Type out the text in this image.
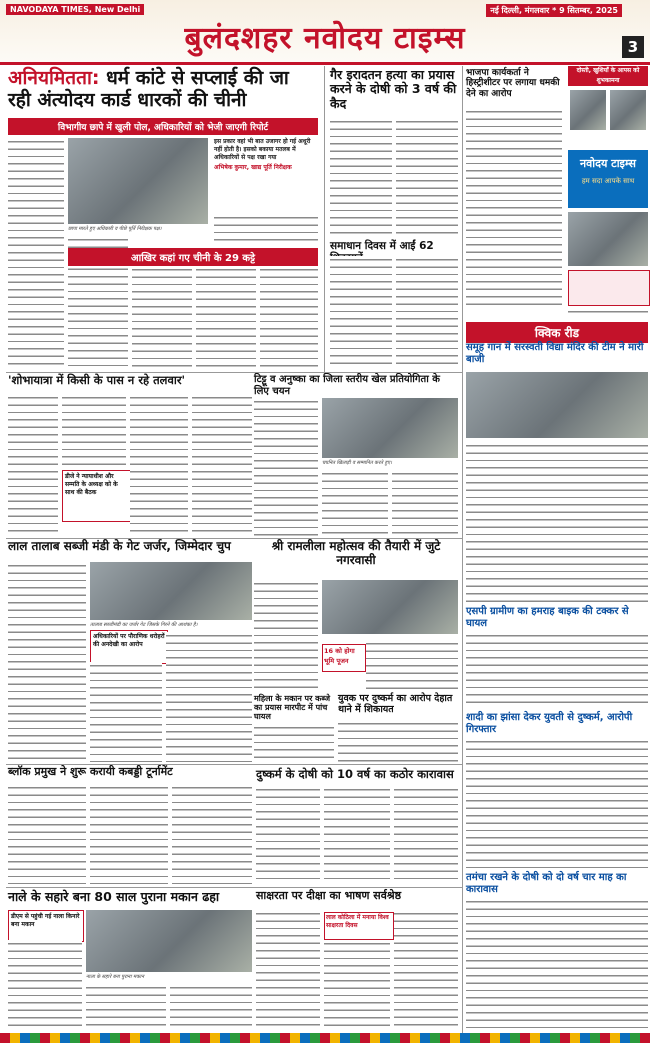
NAVODAYA TIMES, New Delhi	नई दिल्ली, मंगलवार * 9 सितम्बर, 2025
बुलंदशहर नवोदय टाइम्स	3
अनियमितता: धर्म कांटे से सप्लाई की जा रही अंत्योदय कार्ड धारकों की चीनी
विभागीय छापे में खुली पोल, अधिकारियों को भेजी जाएगी रिपोर्ट
छापा मारते हुए अधिकारी व पीछे पूर्ति निरीक्षक पक्ष।
इस प्रकार वहां भी बात उजागर हो गई अधूरी नहीं होती है। इसको बकाया मतलब में अधिकारियों से पक्ष रखा गया
अभिषेक कुमार, खाद्य पूर्ति निरीक्षक
आखिर कहां गए चीनी के 29 कट्टे
गैर इरादतन हत्या का प्रयास करने के दोषी को 3 वर्ष की कैद
समाधान दिवस में आईं 62
भाजपा कार्यकर्ता ने हिस्ट्रीशीटर पर लगाया धमकी देने का आरोप
दोस्ती, खुशियाँ के आपस को शुभकामना
नवोदय टाइम्स
हम सदा आपके साथ
क्विक रीड
समूह गान में सरस्वती विद्या मंदिर की टीम ने मारी बाजी
एसपी ग्रामीण का हमराह बाइक की टक्कर से घायल
शादी का झांसा देकर युवती से दुष्कर्म, आरोपी गिरफ्तार
तमंचा रखने के दोषी को दो वर्ष चार माह का कारावास
'शोभायात्रा में किसी के पास न रहे तलवार'
डीजे ने न्यायाधीश और सम्मति के अध्यक्ष को के साथ की बैठक
टिट्टू व अनुष्का का जिला स्तरीय खेल प्रतियोगिता के लिए चयन
चयनित खिलाड़ी व सम्मानित करते हुए।
श्री रामलीला महोत्सव की तैयारी में जुटे नगरवासी
16 को होगा भूमि पूजन
लाल तालाब सब्जी मंडी के गेट जर्जर, जिम्मेदार चुप
तालाब सब्जीमंडी का जर्जर गेट जिसके गिरने की आशंका है।
अधिकारियों पर पौराणिक धरोहरों की अनदेखी का आरोप
महिला के मकान पर कब्जे का प्रयास मारपीट में पांच घायल
युवक पर दुष्कर्म का आरोप देहात थाने में शिकायत
ब्लॉक प्रमुख ने शुरू करायी कबड्डी टूर्नामेंट	दुष्कर्म के दोषी को 10 वर्ष का कठोर कारावास
नाले के सहारे बना 80 साल पुराना मकान ढहा
डीएम से पहुंची गई नाला किनारे बना मकान
नाला के सहारे बना पुराना मकान
साक्षरता पर दीक्षा का भाषण सर्वश्रेष्ठ
लाल कोठिला में मनाया विश्व साक्षरता दिवस
